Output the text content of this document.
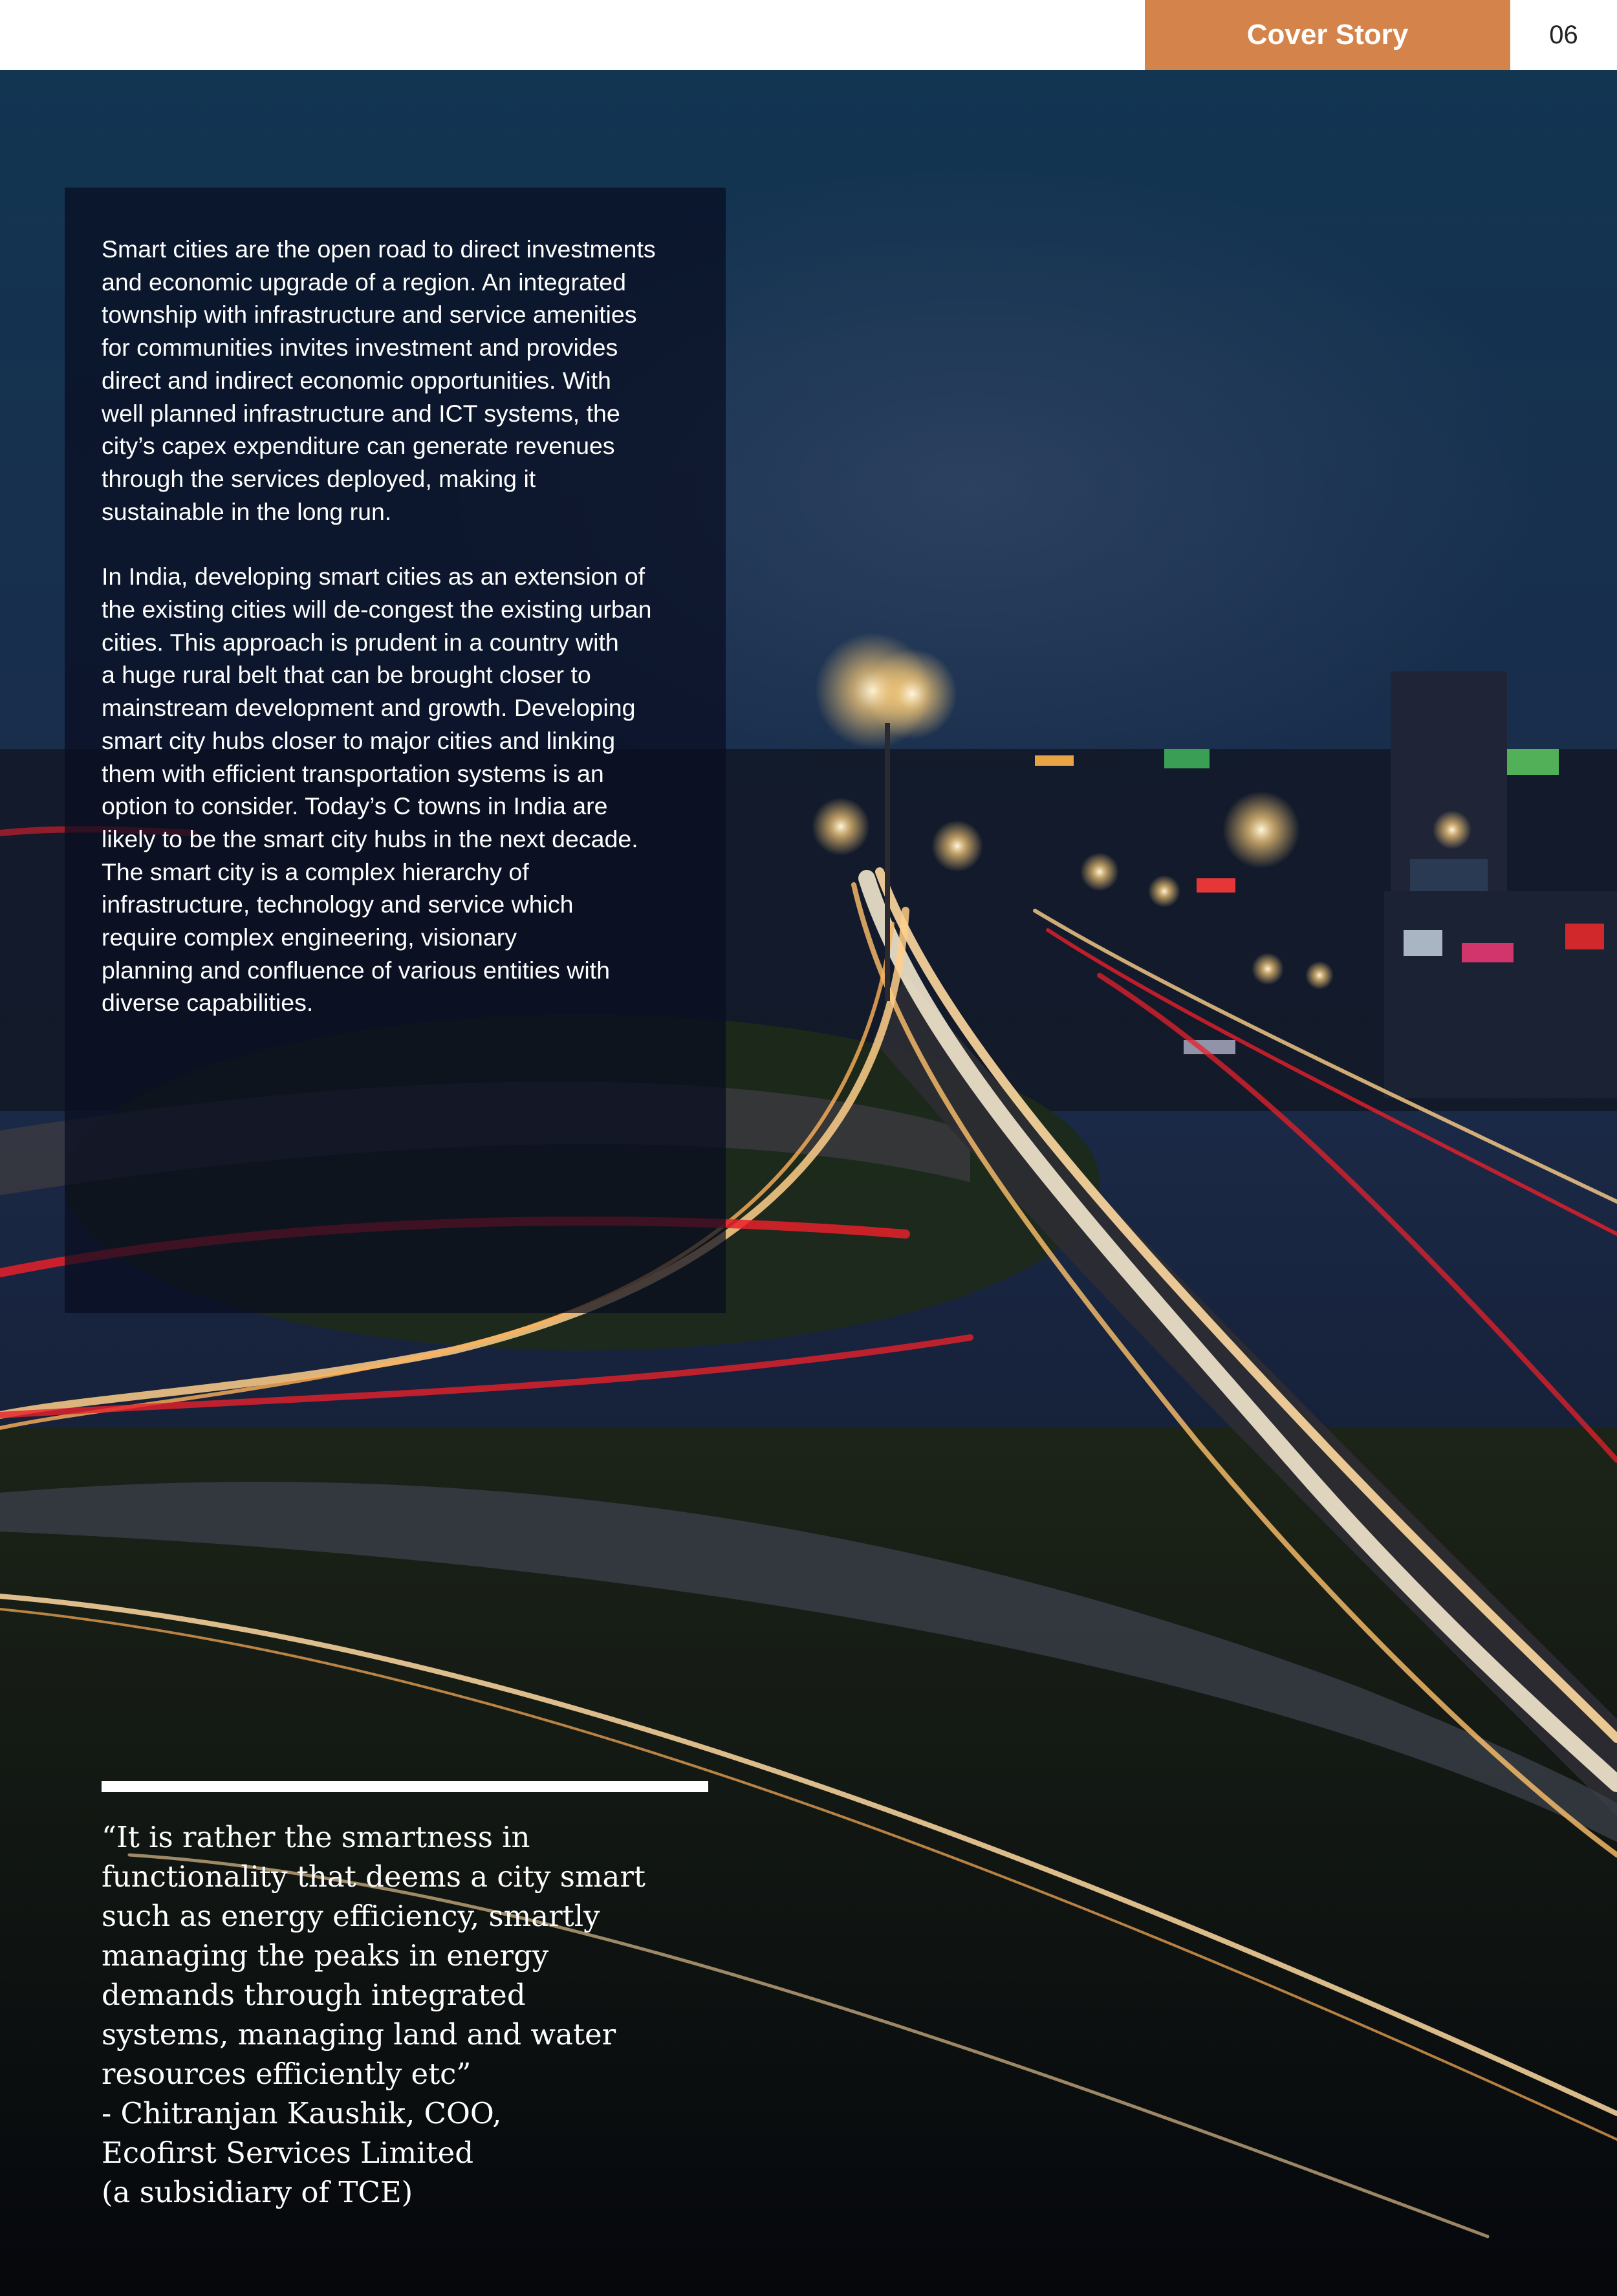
Cover Story	06

Smart cities are the open road to direct investments
and economic upgrade of a region. An integrated
township with infrastructure and service amenities
for communities invites investment and provides
direct and indirect economic opportunities. With
well planned infrastructure and ICT systems, the
city’s capex expenditure can generate revenues
through the services deployed, making it
sustainable in the long run.

In India, developing smart cities as an extension of
the existing cities will de-congest the existing urban
cities. This approach is prudent in a country with
a huge rural belt that can be brought closer to
mainstream development and growth. Developing
smart city hubs closer to major cities and linking
them with efficient transportation systems is an
option to consider. Today’s C towns in India are
likely to be the smart city hubs in the next decade.
The smart city is a complex hierarchy of
infrastructure, technology and service which
require complex engineering, visionary
planning and confluence of various entities with
diverse capabilities.

“It is rather the smartness in
functionality that deems a city smart
such as energy efficiency, smartly
managing the peaks in energy
demands through integrated
systems, managing land and water
resources efficiently etc”
- Chitranjan Kaushik, COO,
Ecofirst Services Limited
(a subsidiary of TCE)
